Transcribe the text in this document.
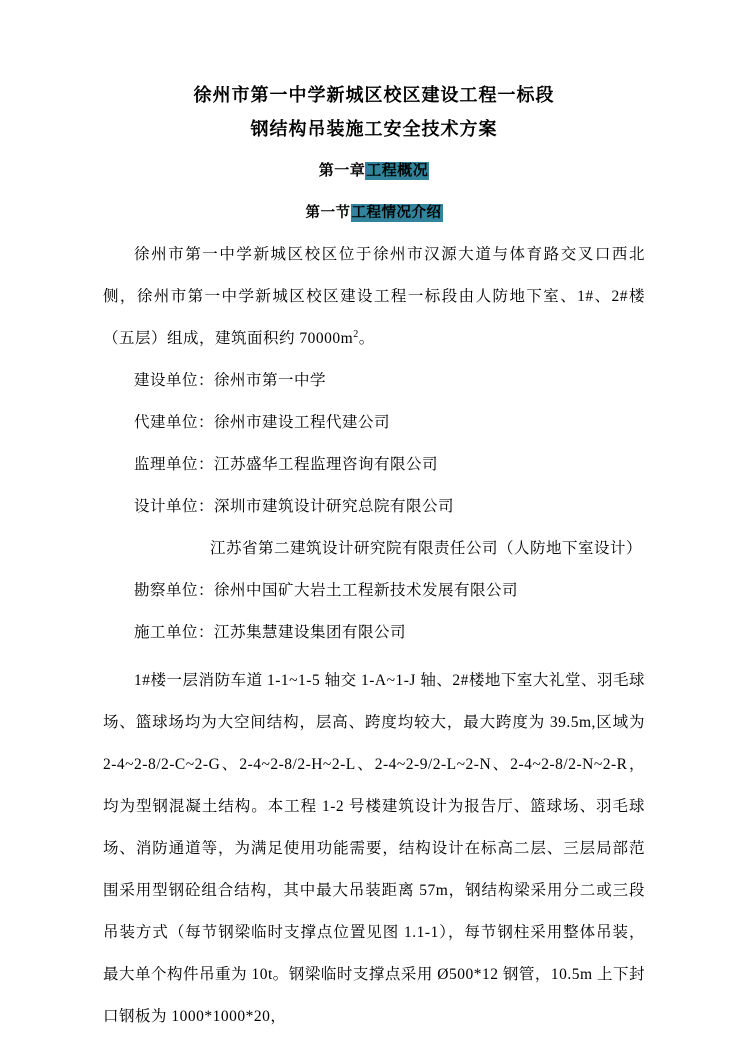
徐州市第一中学新城区校区建设工程一标段
钢结构吊装施工安全技术方案
第一章工程概况
第一节工程情况介绍

徐州市第一中学新城区校区位于徐州市汉源大道与体育路交叉口西北侧，徐州市第一中学新城区校区建设工程一标段由人防地下室、1#、2#楼（五层）组成，建筑面积约 $70000m^2$。

建设单位：徐州市第一中学
代建单位：徐州市建设工程代建公司
监理单位：江苏盛华工程监理咨询有限公司
设计单位：深圳市建筑设计研究总院有限公司
江苏省第二建筑设计研究院有限责任公司（人防地下室设计）
勘察单位：徐州中国矿大岩土工程新技术发展有限公司
施工单位：江苏集慧建设集团有限公司

1#楼一层消防车道 1-1~1-5 轴交 1-A~1-J 轴、2#楼地下室大礼堂、羽毛球场、篮球场均为大空间结构，层高、跨度均较大，最大跨度为 39.5m,区域为 2-4~2-8/2-C~2-G、2-4~2-8/2-H~2-L、2-4~2-9/2-L~2-N、2-4~2-8/2-N~2-R，均为型钢混凝土结构。本工程 1-2 号楼建筑设计为报告厅、篮球场、羽毛球场、消防通道等，为满足使用功能需要，结构设计在标高二层、三层局部范围采用型钢砼组合结构，其中最大吊装距离 57m，钢结构梁采用分二或三段吊装方式（每节钢梁临时支撑点位置见图 1.1-1），每节钢柱采用整体吊装，最大单个构件吊重为 10t。钢梁临时支撑点采用 Ø500*12 钢管，10.5m 上下封口钢板为 1000*1000*20，
